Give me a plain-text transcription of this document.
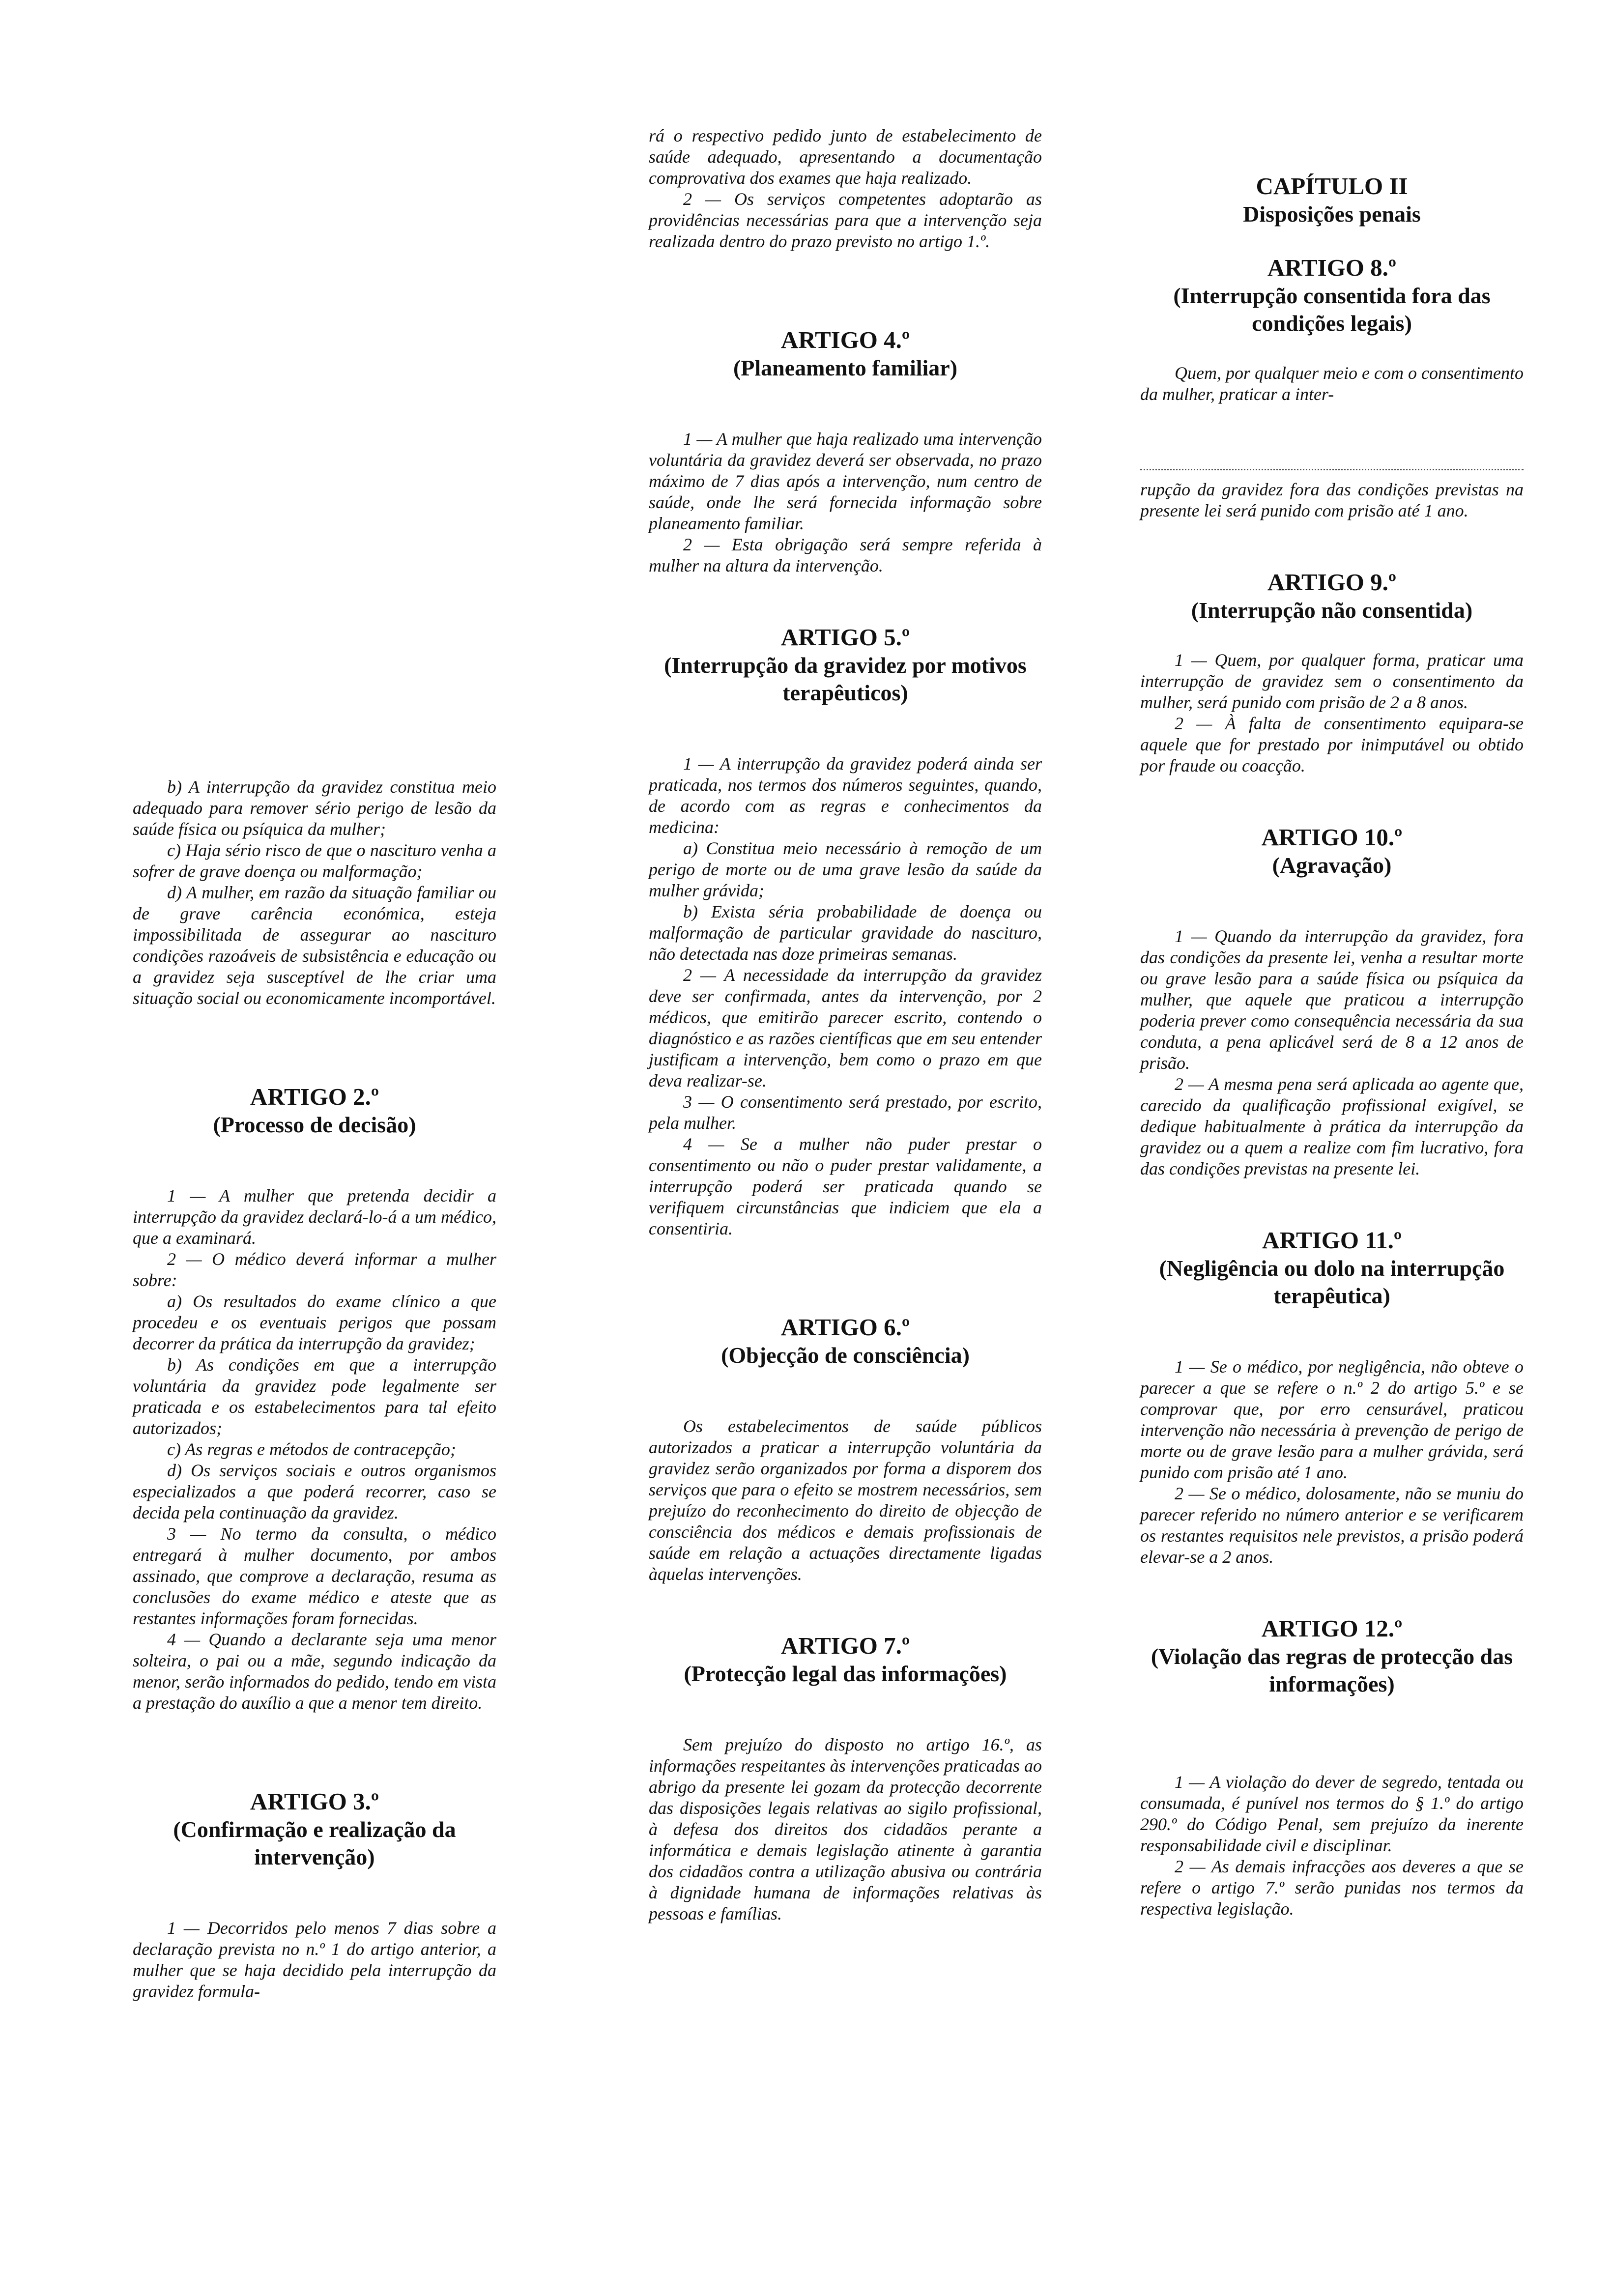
b) A interrupção da gravidez constitua meio adequado para remover sério perigo de lesão da saúde física ou psíquica da mulher;

c) Haja sério risco de que o nascituro venha a sofrer de grave doença ou malformação;

d) A mulher, em razão da situação familiar ou de grave carência económica, esteja impossibilitada de assegurar ao nascituro condições razoáveis de subsistência e educação ou a gravidez seja susceptível de lhe criar uma situação social ou economicamente incomportável.

ARTIGO 2.º
(Processo de decisão)

1 — A mulher que pretenda decidir a interrupção da gravidez declará-lo-á a um médico, que a examinará.

2 — O médico deverá informar a mulher sobre:

a) Os resultados do exame clínico a que procedeu e os eventuais perigos que possam decorrer da prática da interrupção da gravidez;

b) As condições em que a interrupção voluntária da gravidez pode legalmente ser praticada e os estabelecimentos para tal efeito autorizados;

c) As regras e métodos de contracepção;

d) Os serviços sociais e outros organismos especializados a que poderá recorrer, caso se decida pela continuação da gravidez.

3 — No termo da consulta, o médico entregará à mulher documento, por ambos assinado, que comprove a declaração, resuma as conclusões do exame médico e ateste que as restantes informações foram fornecidas.

4 — Quando a declarante seja uma menor solteira, o pai ou a mãe, segundo indicação da menor, serão informados do pedido, tendo em vista a prestação do auxílio a que a menor tem direito.

ARTIGO 3.º
(Confirmação e realização da intervenção)

1 — Decorridos pelo menos 7 dias sobre a declaração prevista no n.º 1 do artigo anterior, a mulher que se haja decidido pela interrupção da gravidez formula-

rá o respectivo pedido junto de estabelecimento de saúde adequado, apresentando a documentação comprovativa dos exames que haja realizado.

2 — Os serviços competentes adoptarão as providências necessárias para que a intervenção seja realizada dentro do prazo previsto no artigo 1.º.

ARTIGO 4.º
(Planeamento familiar)

1 — A mulher que haja realizado uma intervenção voluntária da gravidez deverá ser observada, no prazo máximo de 7 dias após a intervenção, num centro de saúde, onde lhe será fornecida informação sobre planeamento familiar.

2 — Esta obrigação será sempre referida à mulher na altura da intervenção.

ARTIGO 5.º
(Interrupção da gravidez por motivos terapêuticos)

1 — A interrupção da gravidez poderá ainda ser praticada, nos termos dos números seguintes, quando, de acordo com as regras e conhecimentos da medicina:

a) Constitua meio necessário à remoção de um perigo de morte ou de uma grave lesão da saúde da mulher grávida;

b) Exista séria probabilidade de doença ou malformação de particular gravidade do nascituro, não detectada nas doze primeiras semanas.

2 — A necessidade da interrupção da gravidez deve ser confirmada, antes da intervenção, por 2 médicos, que emitirão parecer escrito, contendo o diagnóstico e as razões científicas que em seu entender justificam a intervenção, bem como o prazo em que deva realizar-se.

3 — O consentimento será prestado, por escrito, pela mulher.

4 — Se a mulher não puder prestar o consentimento ou não o puder prestar validamente, a interrupção poderá ser praticada quando se verifiquem circunstâncias que indiciem que ela a consentiria.

ARTIGO 6.º
(Objecção de consciência)

Os estabelecimentos de saúde públicos autorizados a praticar a interrupção voluntária da gravidez serão organizados por forma a disporem dos serviços que para o efeito se mostrem necessários, sem prejuízo do reconhecimento do direito de objecção de consciência dos médicos e demais profissionais de saúde em relação a actuações directamente ligadas àquelas intervenções.

ARTIGO 7.º
(Protecção legal das informações)

Sem prejuízo do disposto no artigo 16.º, as informações respeitantes às intervenções praticadas ao abrigo da presente lei gozam da protecção decorrente das disposições legais relativas ao sigilo profissional, à defesa dos direitos dos cidadãos perante a informática e demais legislação atinente à garantia dos cidadãos contra a utilização abusiva ou contrária à dignidade humana de informações relativas às pessoas e famílias.

CAPÍTULO II
Disposições penais
ARTIGO 8.º
(Interrupção consentida fora das condições legais)

Quem, por qualquer meio e com o consentimento da mulher, praticar a inter-

rupção da gravidez fora das condições previstas na presente lei será punido com prisão até 1 ano.

ARTIGO 9.º
(Interrupção não consentida)

1 — Quem, por qualquer forma, praticar uma interrupção de gravidez sem o consentimento da mulher, será punido com prisão de 2 a 8 anos.

2 — À falta de consentimento equipara-se aquele que for prestado por inimputável ou obtido por fraude ou coacção.

ARTIGO 10.º
(Agravação)

1 — Quando da interrupção da gravidez, fora das condições da presente lei, venha a resultar morte ou grave lesão para a saúde física ou psíquica da mulher, que aquele que praticou a interrupção poderia prever como consequência necessária da sua conduta, a pena aplicável será de 8 a 12 anos de prisão.

2 — A mesma pena será aplicada ao agente que, carecido da qualificação profissional exigível, se dedique habitualmente à prática da interrupção da gravidez ou a quem a realize com fim lucrativo, fora das condições previstas na presente lei.

ARTIGO 11.º
(Negligência ou dolo na interrupção terapêutica)

1 — Se o médico, por negligência, não obteve o parecer a que se refere o n.º 2 do artigo 5.º e se comprovar que, por erro censurável, praticou intervenção não necessária à prevenção de perigo de morte ou de grave lesão para a mulher grávida, será punido com prisão até 1 ano.

2 — Se o médico, dolosamente, não se muniu do parecer referido no número anterior e se verificarem os restantes requisitos nele previstos, a prisão poderá elevar-se a 2 anos.

ARTIGO 12.º
(Violação das regras de protecção das informações)

1 — A violação do dever de segredo, tentada ou consumada, é punível nos termos do § 1.º do artigo 290.º do Código Penal, sem prejuízo da inerente responsabilidade civil e disciplinar.

2 — As demais infracções aos deveres a que se refere o artigo 7.º serão punidas nos termos da respectiva legislação.
